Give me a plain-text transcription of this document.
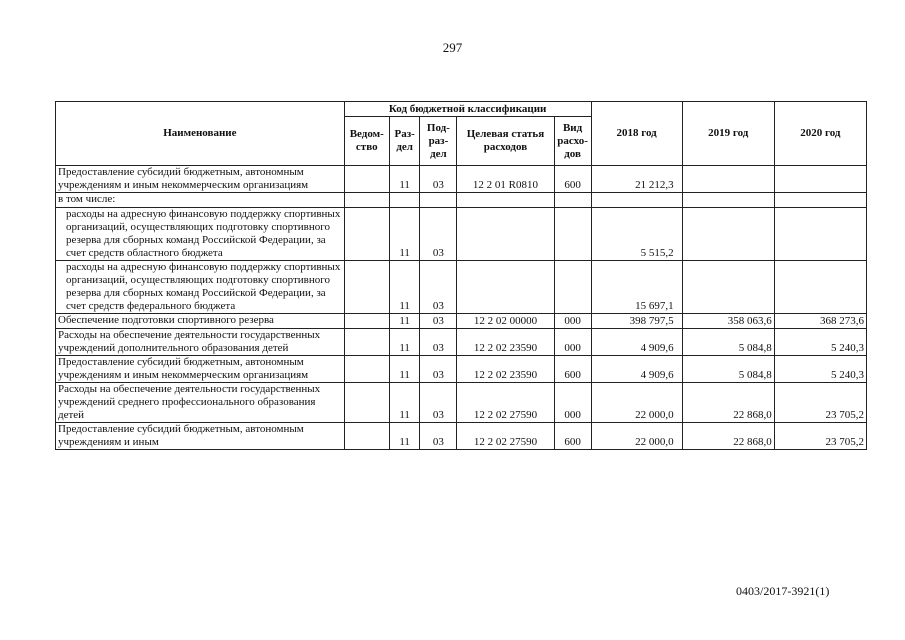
297
Наименование	Код бюджетной классификации					2018 год	2019 год	2020 год
	Ведом-ство	Раз-дел	Под-раз-дел	Целевая статья расходов	Вид расхо-дов			
Предоставление субсидий бюджетным, автономным учреждениям и иным некоммерческим организациям		11	03	12 2 01 R0810	600	21 212,3		
в том числе:								
расходы на адресную финансовую поддержку спортивных организаций, осуществляющих подготовку спортивного резерва для сборных команд Российской Федерации, за счет средств областного бюджета		11	03			5 515,2		
расходы на адресную финансовую поддержку спортивных организаций, осуществляющих подготовку спортивного резерва для сборных команд Российской Федерации, за счет средств федерального бюджета		11	03			15 697,1		
Обеспечение подготовки спортивного резерва		11	03	12 2 02 00000	000	398 797,5	358 063,6	368 273,6
Расходы на обеспечение деятельности государственных учреждений дополнительного образования детей		11	03	12 2 02 23590	000	4 909,6	5 084,8	5 240,3
Предоставление субсидий бюджетным, автономным учреждениям и иным некоммерческим организациям		11	03	12 2 02 23590	600	4 909,6	5 084,8	5 240,3
Расходы на обеспечение деятельности государственных учреждений среднего профессионального образования детей		11	03	12 2 02 27590	000	22 000,0	22 868,0	23 705,2
Предоставление субсидий бюджетным, автономным учреждениям и иным		11	03	12 2 02 27590	600	22 000,0	22 868,0	23 705,2
0403/2017-3921(1)
